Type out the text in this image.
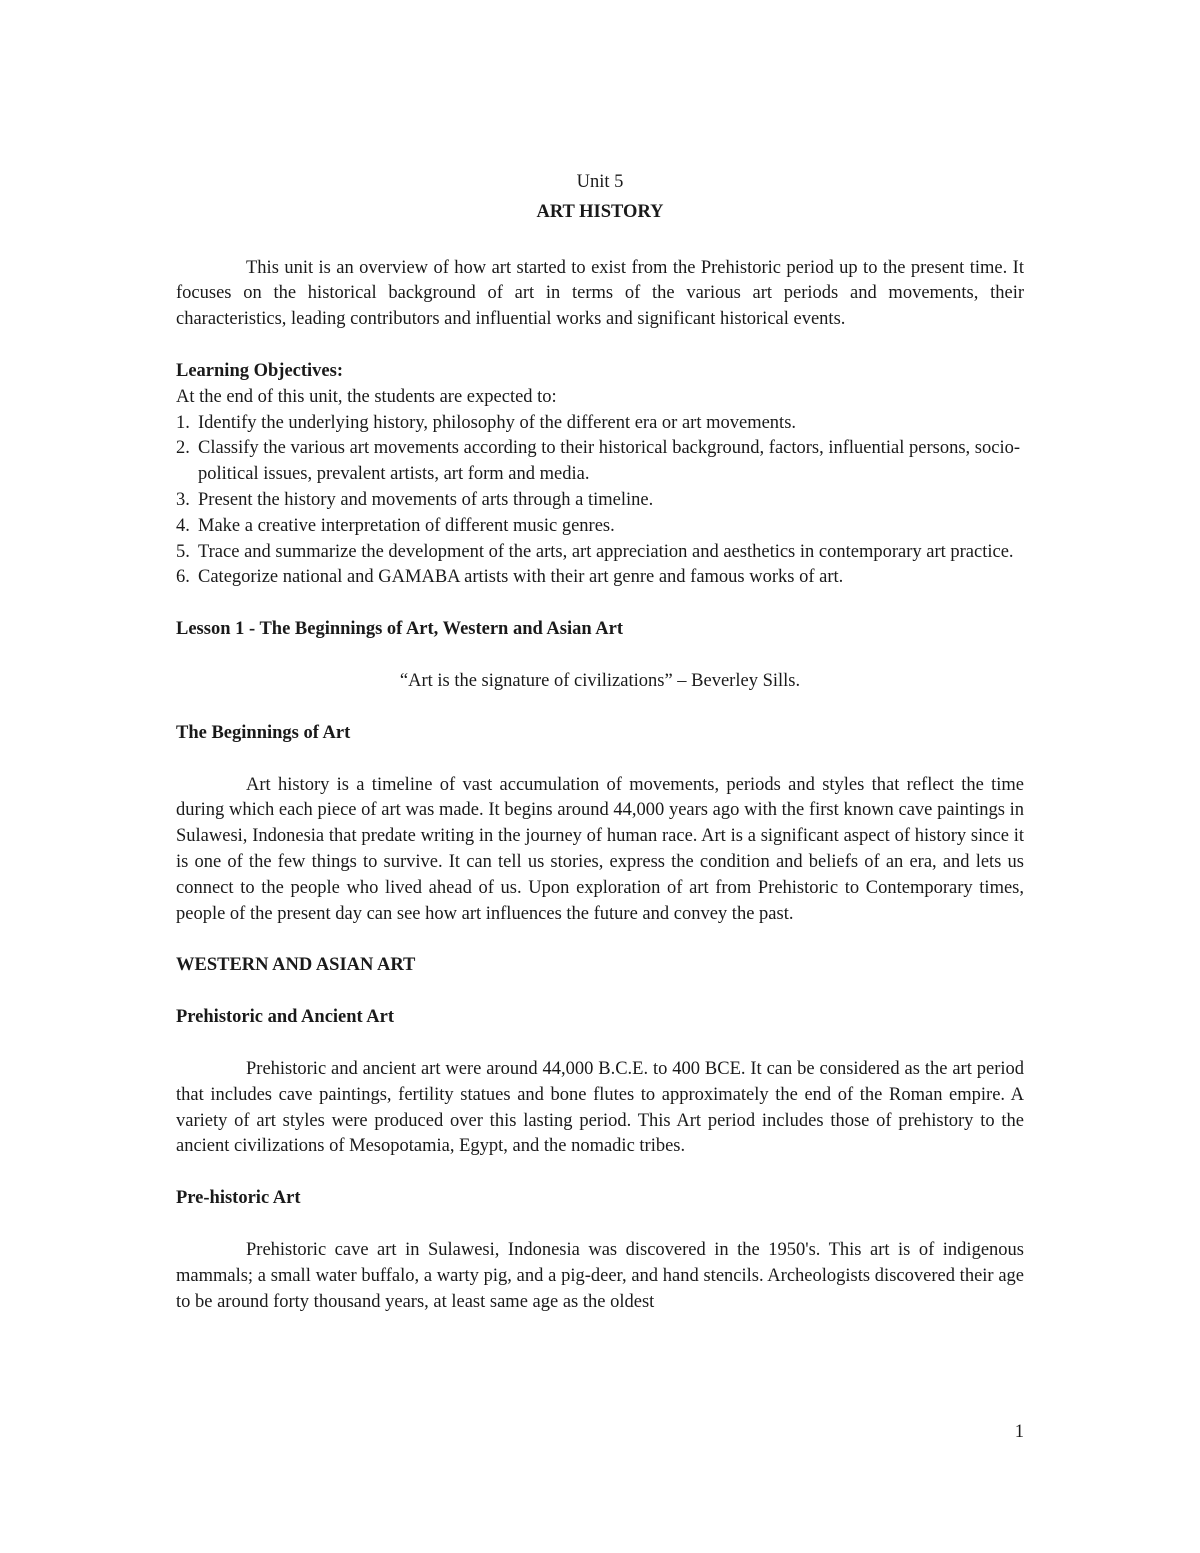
Unit 5

ART HISTORY

This unit is an overview of how art started to exist from the Prehistoric period up to the present time. It focuses on the historical background of art in terms of the various art periods and movements, their characteristics, leading contributors and influential works and significant historical events.

Learning Objectives:

At the end of this unit, the students are expected to:

1. Identify the underlying history, philosophy of the different era or art movements.
2. Classify the various art movements according to their historical background, factors, influential persons, socio-political issues, prevalent artists, art form and media.
3. Present the history and movements of arts through a timeline.
4. Make a creative interpretation of different music genres.
5. Trace and summarize the development of the arts, art appreciation and aesthetics in contemporary art practice.
6. Categorize national and GAMABA artists with their art genre and famous works of art.

Lesson 1 - The Beginnings of Art, Western and Asian Art

“Art is the signature of civilizations” – Beverley Sills.

The Beginnings of Art

Art history is a timeline of vast accumulation of movements, periods and styles that reflect the time during which each piece of art was made. It begins around 44,000 years ago with the first known cave paintings in Sulawesi, Indonesia that predate writing in the journey of human race. Art is a significant aspect of history since it is one of the few things to survive. It can tell us stories, express the condition and beliefs of an era, and lets us connect to the people who lived ahead of us. Upon exploration of art from Prehistoric to Contemporary times, people of the present day can see how art influences the future and convey the past.

WESTERN AND ASIAN ART

Prehistoric and Ancient Art

Prehistoric and ancient art were around 44,000 B.C.E. to 400 BCE. It can be considered as the art period that includes cave paintings, fertility statues and bone flutes to approximately the end of the Roman empire. A variety of art styles were produced over this lasting period. This Art period includes those of prehistory to the ancient civilizations of Mesopotamia, Egypt, and the nomadic tribes.

Pre-historic Art

Prehistoric cave art in Sulawesi, Indonesia was discovered in the 1950's. This art is of indigenous mammals; a small water buffalo, a warty pig, and a pig-deer, and hand stencils. Archeologists discovered their age to be around forty thousand years, at least same age as the oldest

1
